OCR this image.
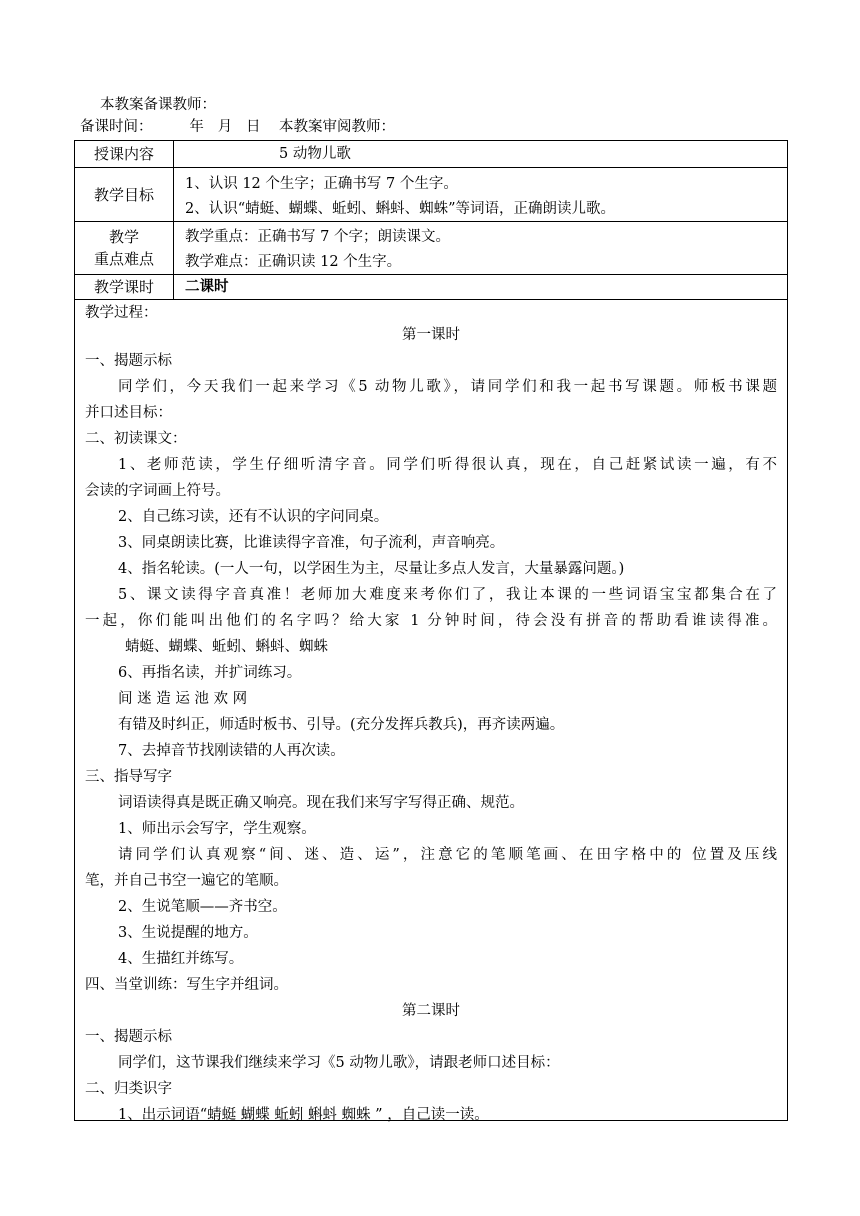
本教案备课教师：
备课时间：        年   月   日    本教案审阅教师：
授课内容	5 动物儿歌
教学目标
1、认识 12 个生字；正确书写 7 个生字。
2、认识“蜻蜓、蝴蝶、蚯蚓、蝌蚪、蜘蛛”等词语，正确朗读儿歌。
教学
重点难点
教学重点：正确书写 7 个字；朗读课文。
教学难点：正确识读 12 个生字。
教学课时	二课时
教学过程：
第一课时
一、揭题示标
同学们，今天我们一起来学习《5 动物儿歌》，请同学们和我一起书写课题。师板书课题
并口述目标：
二、初读课文：
1、老师范读，学生仔细听清字音。同学们听得很认真，现在，自己赶紧试读一遍，有不
会读的字词画上符号。
2、自己练习读，还有不认识的字问同桌。
3、同桌朗读比赛，比谁读得字音准，句子流利，声音响亮。
4、指名轮读。(一人一句，以学困生为主，尽量让多点人发言，大量暴露问题。)
5、课文读得字音真准！老师加大难度来考你们了，我让本课的一些词语宝宝都集合在了
一起，你们能叫出他们的名字吗？给大家 1 分钟时间，待会没有拼音的帮助看谁读得准。
蜻蜓、蝴蝶、蚯蚓、蝌蚪、蜘蛛
6、再指名读，并扩词练习。
间 迷 造 运 池 欢 网
有错及时纠正，师适时板书、引导。(充分发挥兵教兵)，再齐读两遍。
7、去掉音节找刚读错的人再次读。
三、指导写字
词语读得真是既正确又响亮。现在我们来写字写得正确、规范。
1、师出示会写字，学生观察。
请同学们认真观察“间、迷、造、运”，注意它的笔顺笔画、在田字格中的 位置及压线
笔，并自己书空一遍它的笔顺。
2、生说笔顺——齐书空。
3、生说提醒的地方。
4、生描红并练写。
四、当堂训练：写生字并组词。
第二课时
一、揭题示标
同学们，这节课我们继续来学习《5 动物儿歌》，请跟老师口述目标：
二、归类识字
1、出示词语“蜻蜓 蝴蝶 蚯蚓 蝌蚪 蜘蛛 ” ，自己读一读。
